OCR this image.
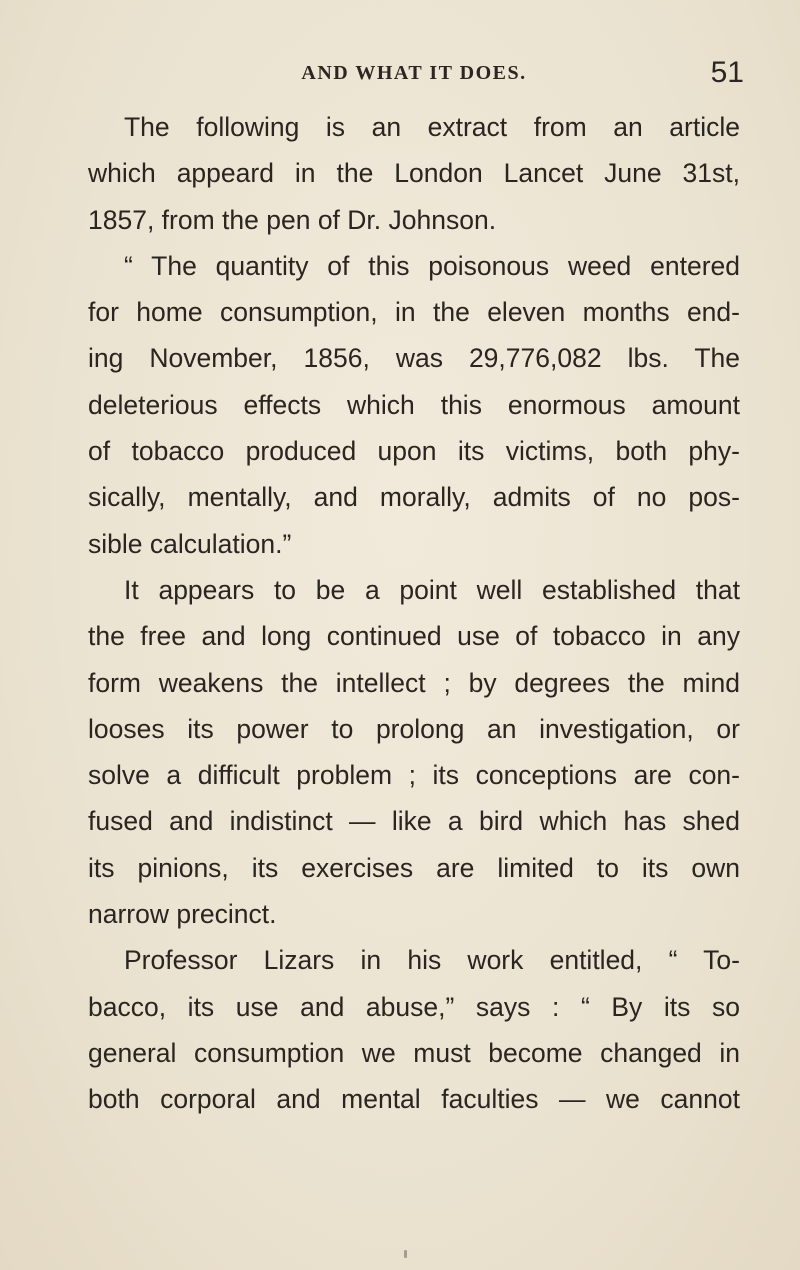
AND WHAT IT DOES.	51
The following is an extract from an article
which appeard in the London Lancet June 31st,
1857, from the pen of Dr. Johnson.
“ The quantity of this poisonous weed entered
for home consumption, in the eleven months end-
ing November, 1856, was 29,776,082 lbs. The
deleterious effects which this enormous amount
of tobacco produced upon its victims, both phy-
sically, mentally, and morally, admits of no pos-
sible calculation.”
It appears to be a point well established that
the free and long continued use of tobacco in any
form weakens the intellect ; by degrees the mind
looses its power to prolong an investigation, or
solve a difficult problem ; its conceptions are con-
fused and indistinct — like a bird which has shed
its pinions, its exercises are limited to its own
narrow precinct.
Professor Lizars in his work entitled, “ To-
bacco, its use and abuse,” says : “ By its so
general consumption we must become changed in
both corporal and mental faculties — we cannot
